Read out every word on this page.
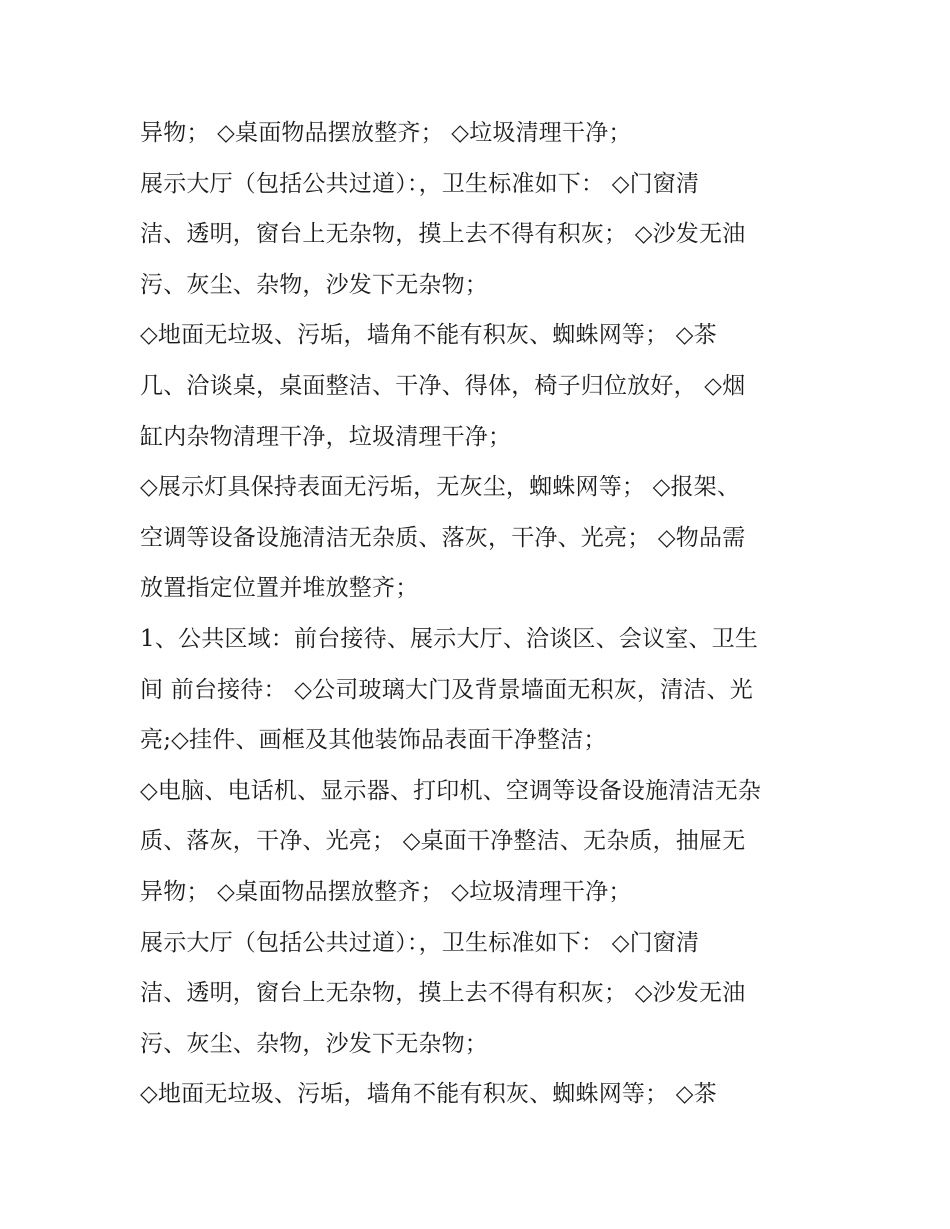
异物； ◇桌面物品摆放整齐； ◇垃圾清理干净；
展示大厅（包括公共过道）：，卫生标准如下： ◇门窗清
洁、透明，窗台上无杂物，摸上去不得有积灰； ◇沙发无油
污、灰尘、杂物，沙发下无杂物；
◇地面无垃圾、污垢，墙角不能有积灰、蜘蛛网等； ◇茶
几、洽谈桌，桌面整洁、干净、得体，椅子归位放好， ◇烟
缸内杂物清理干净，垃圾清理干净；
◇展示灯具保持表面无污垢，无灰尘，蜘蛛网等； ◇报架、
空调等设备设施清洁无杂质、落灰，干净、光亮； ◇物品需
放置指定位置并堆放整齐；
1、公共区域：前台接待、展示大厅、洽谈区、会议室、卫生
间 前台接待： ◇公司玻璃大门及背景墙面无积灰，清洁、光
亮;◇挂件、画框及其他装饰品表面干净整洁；
◇电脑、电话机、显示器、打印机、空调等设备设施清洁无杂
质、落灰，干净、光亮； ◇桌面干净整洁、无杂质，抽屉无
异物； ◇桌面物品摆放整齐； ◇垃圾清理干净；
展示大厅（包括公共过道）：，卫生标准如下： ◇门窗清
洁、透明，窗台上无杂物，摸上去不得有积灰； ◇沙发无油
污、灰尘、杂物，沙发下无杂物；
◇地面无垃圾、污垢，墙角不能有积灰、蜘蛛网等； ◇茶
